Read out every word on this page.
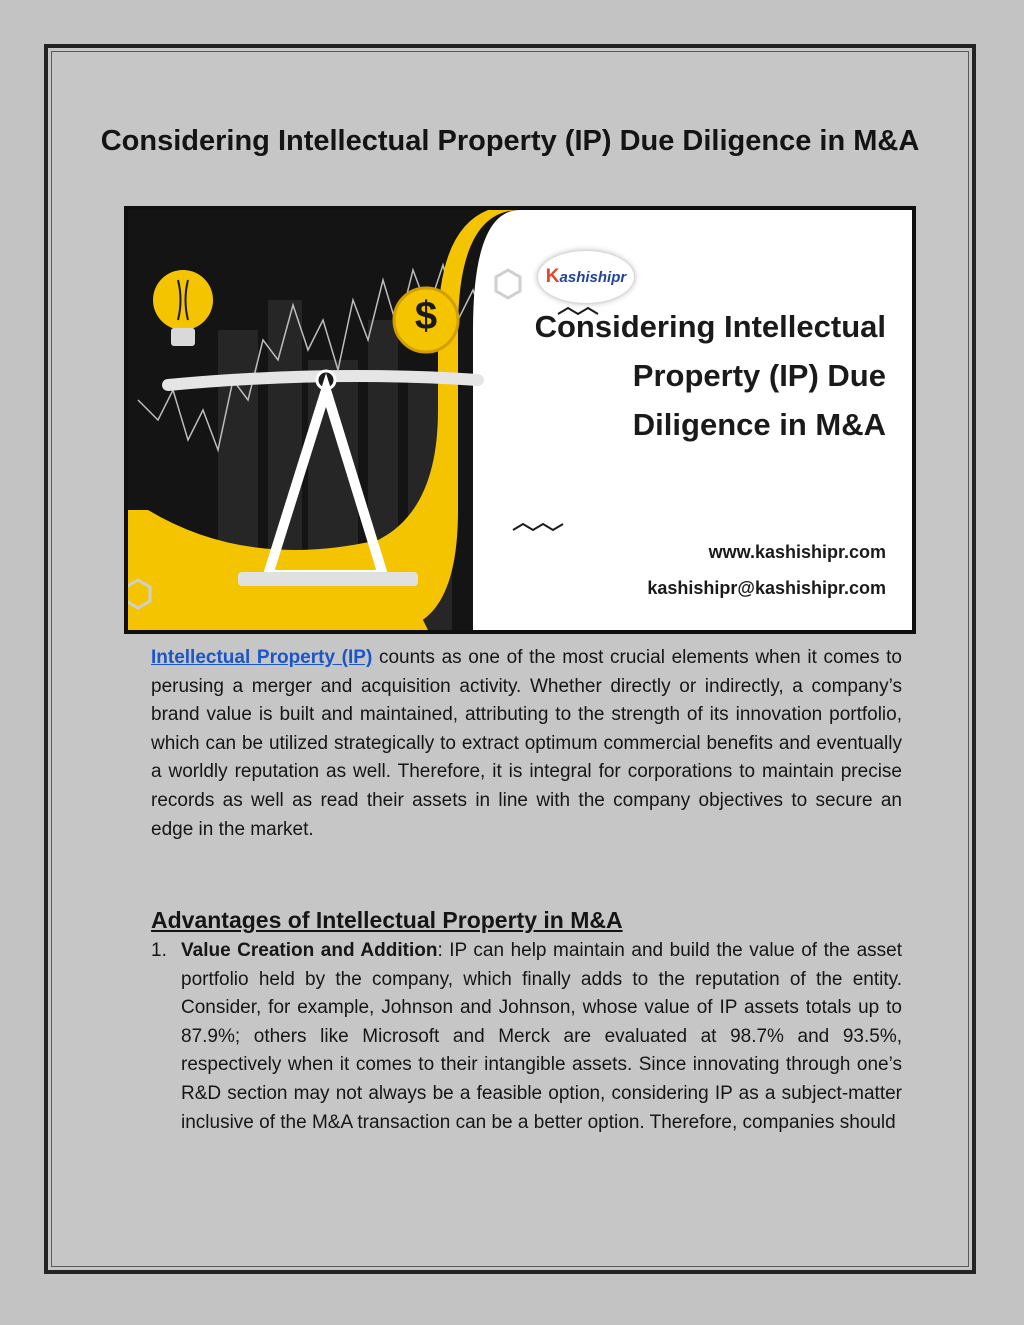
Considering Intellectual Property (IP) Due Diligence in M&A
$
Kashishipr
Considering Intellectual Property (IP) Due Diligence in M&A
www.kashishipr.com
kashishipr@kashishipr.com

Intellectual Property (IP) counts as one of the most crucial elements when it comes to perusing a merger and acquisition activity. Whether directly or indirectly, a company’s brand value is built and maintained, attributing to the strength of its innovation portfolio, which can be utilized strategically to extract optimum commercial benefits and eventually a worldly reputation as well. Therefore, it is integral for corporations to maintain precise records as well as read their assets in line with the company objectives to secure an edge in the market.

Advantages of Intellectual Property in M&A
1. Value Creation and Addition: IP can help maintain and build the value of the asset portfolio held by the company, which finally adds to the reputation of the entity. Consider, for example, Johnson and Johnson, whose value of IP assets totals up to 87.9%; others like Microsoft and Merck are evaluated at 98.7% and 93.5%, respectively when it comes to their intangible assets. Since innovating through one’s R&D section may not always be a feasible option, considering IP as a subject-matter inclusive of the M&A transaction can be a better option. Therefore, companies should
